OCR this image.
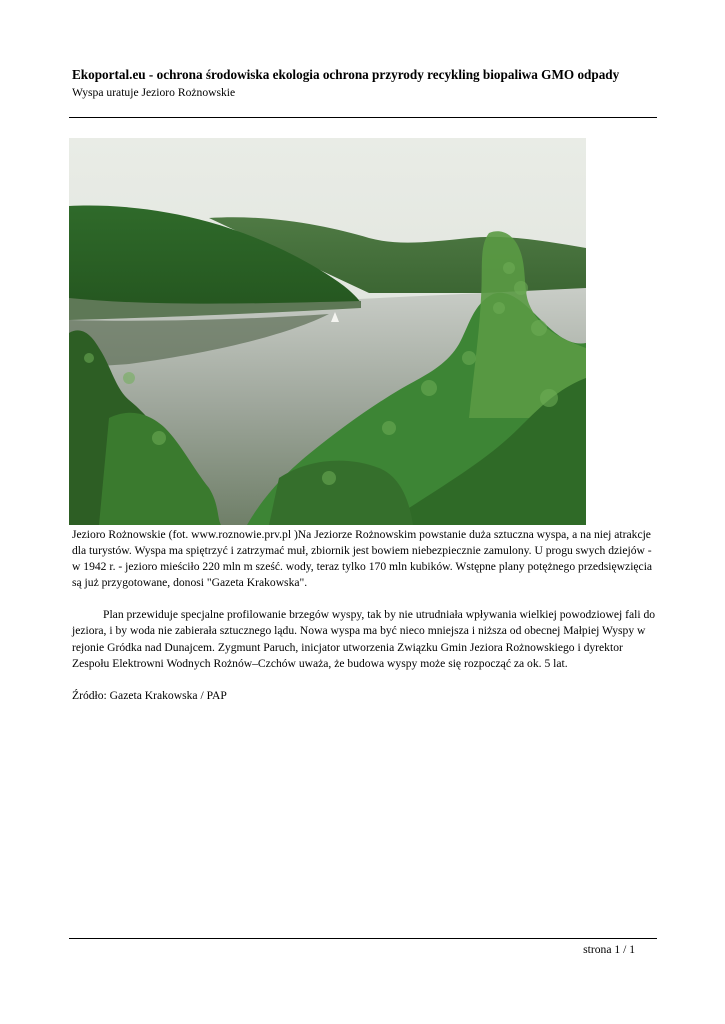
Ekoportal.eu - ochrona środowiska ekologia ochrona przyrody recykling biopaliwa GMO odpady
Wyspa uratuje Jezioro Rożnowskie

Jezioro Rożnowskie (fot. www.roznowie.prv.pl )Na Jeziorze Rożnowskim powstanie duża sztuczna wyspa, a na niej atrakcje dla turystów. Wyspa ma spiętrzyć i zatrzymać muł, zbiornik jest bowiem niebezpiecznie zamulony. U progu swych dziejów - w 1942 r. - jezioro mieściło 220 mln m sześć. wody, teraz tylko 170 mln kubików. Wstępne plany potężnego przedsięwzięcia są już przygotowane, donosi "Gazeta Krakowska".

Plan przewiduje specjalne profilowanie brzegów wyspy, tak by nie utrudniała wpływania wielkiej powodziowej fali do jeziora, i by woda nie zabierała sztucznego lądu. Nowa wyspa ma być nieco mniejsza i niższa od obecnej Małpiej Wyspy w rejonie Gródka nad Dunajcem. Zygmunt Paruch, inicjator utworzenia Związku Gmin Jeziora Rożnowskiego i dyrektor Zespołu Elektrowni Wodnych Rożnów–Czchów uważa, że budowa wyspy może się rozpocząć za ok. 5 lat.

Źródło: Gazeta Krakowska / PAP

strona 1 / 1
